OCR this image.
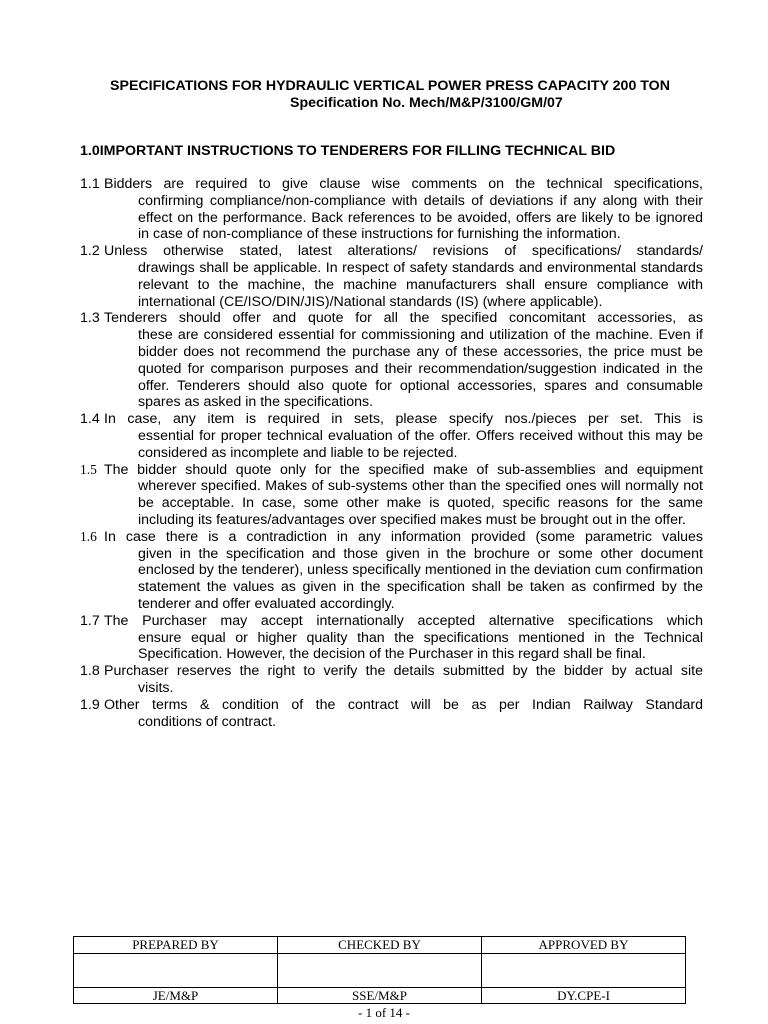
SPECIFICATIONS FOR HYDRAULIC VERTICAL POWER PRESS CAPACITY 200 TON
Specification No. Mech/M&P/3100/GM/07
1.0IMPORTANT INSTRUCTIONS TO TENDERERS FOR FILLING TECHNICAL BID
1.1 Bidders are required to give clause wise comments on the technical specifications,
confirming compliance/non-compliance with details of deviations if any along with their effect on the performance. Back references to be avoided, offers are likely to be ignored in case of non-compliance of these instructions for furnishing the information.
1.2 Unless otherwise stated, latest alterations/ revisions of specifications/ standards/
drawings shall be applicable. In respect of safety standards and environmental standards relevant to the machine, the machine manufacturers shall ensure compliance with international (CE/ISO/DIN/JIS)/National standards (IS) (where applicable).
1.3 Tenderers should offer and quote for all the specified concomitant accessories, as
these are considered essential for commissioning and utilization of the machine. Even if bidder does not recommend the purchase any of these accessories, the price must be quoted for comparison purposes and their recommendation/suggestion indicated in the offer. Tenderers should also quote for optional accessories, spares and consumable spares as asked in the specifications.
1.4 In case, any item is required in sets, please specify nos./pieces per set. This is
essential for proper technical evaluation of the offer. Offers received without this may be considered as incomplete and liable to be rejected.
1.5 The bidder should quote only for the specified make of sub-assemblies and equipment
wherever specified. Makes of sub-systems other than the specified ones will normally not be acceptable. In case, some other make is quoted, specific reasons for the same including its features/advantages over specified makes must be brought out in the offer.
1.6 In case there is a contradiction in any information provided (some parametric values
given in the specification and those given in the brochure or some other document enclosed by the tenderer), unless specifically mentioned in the deviation cum confirmation statement the values as given in the specification shall be taken as confirmed by the tenderer and offer evaluated accordingly.
1.7 The Purchaser may accept internationally accepted alternative specifications which
ensure equal or higher quality than the specifications mentioned in the Technical Specification. However, the decision of the Purchaser in this regard shall be final.
1.8 Purchaser reserves the right to verify the details submitted by the bidder by actual site
visits.
1.9 Other terms & condition of the contract will be as per Indian Railway Standard
conditions of contract.
PREPARED BY	CHECKED BY	APPROVED BY

JE/M&P	SSE/M&P	DY.CPE-I
- 1 of 14 -
